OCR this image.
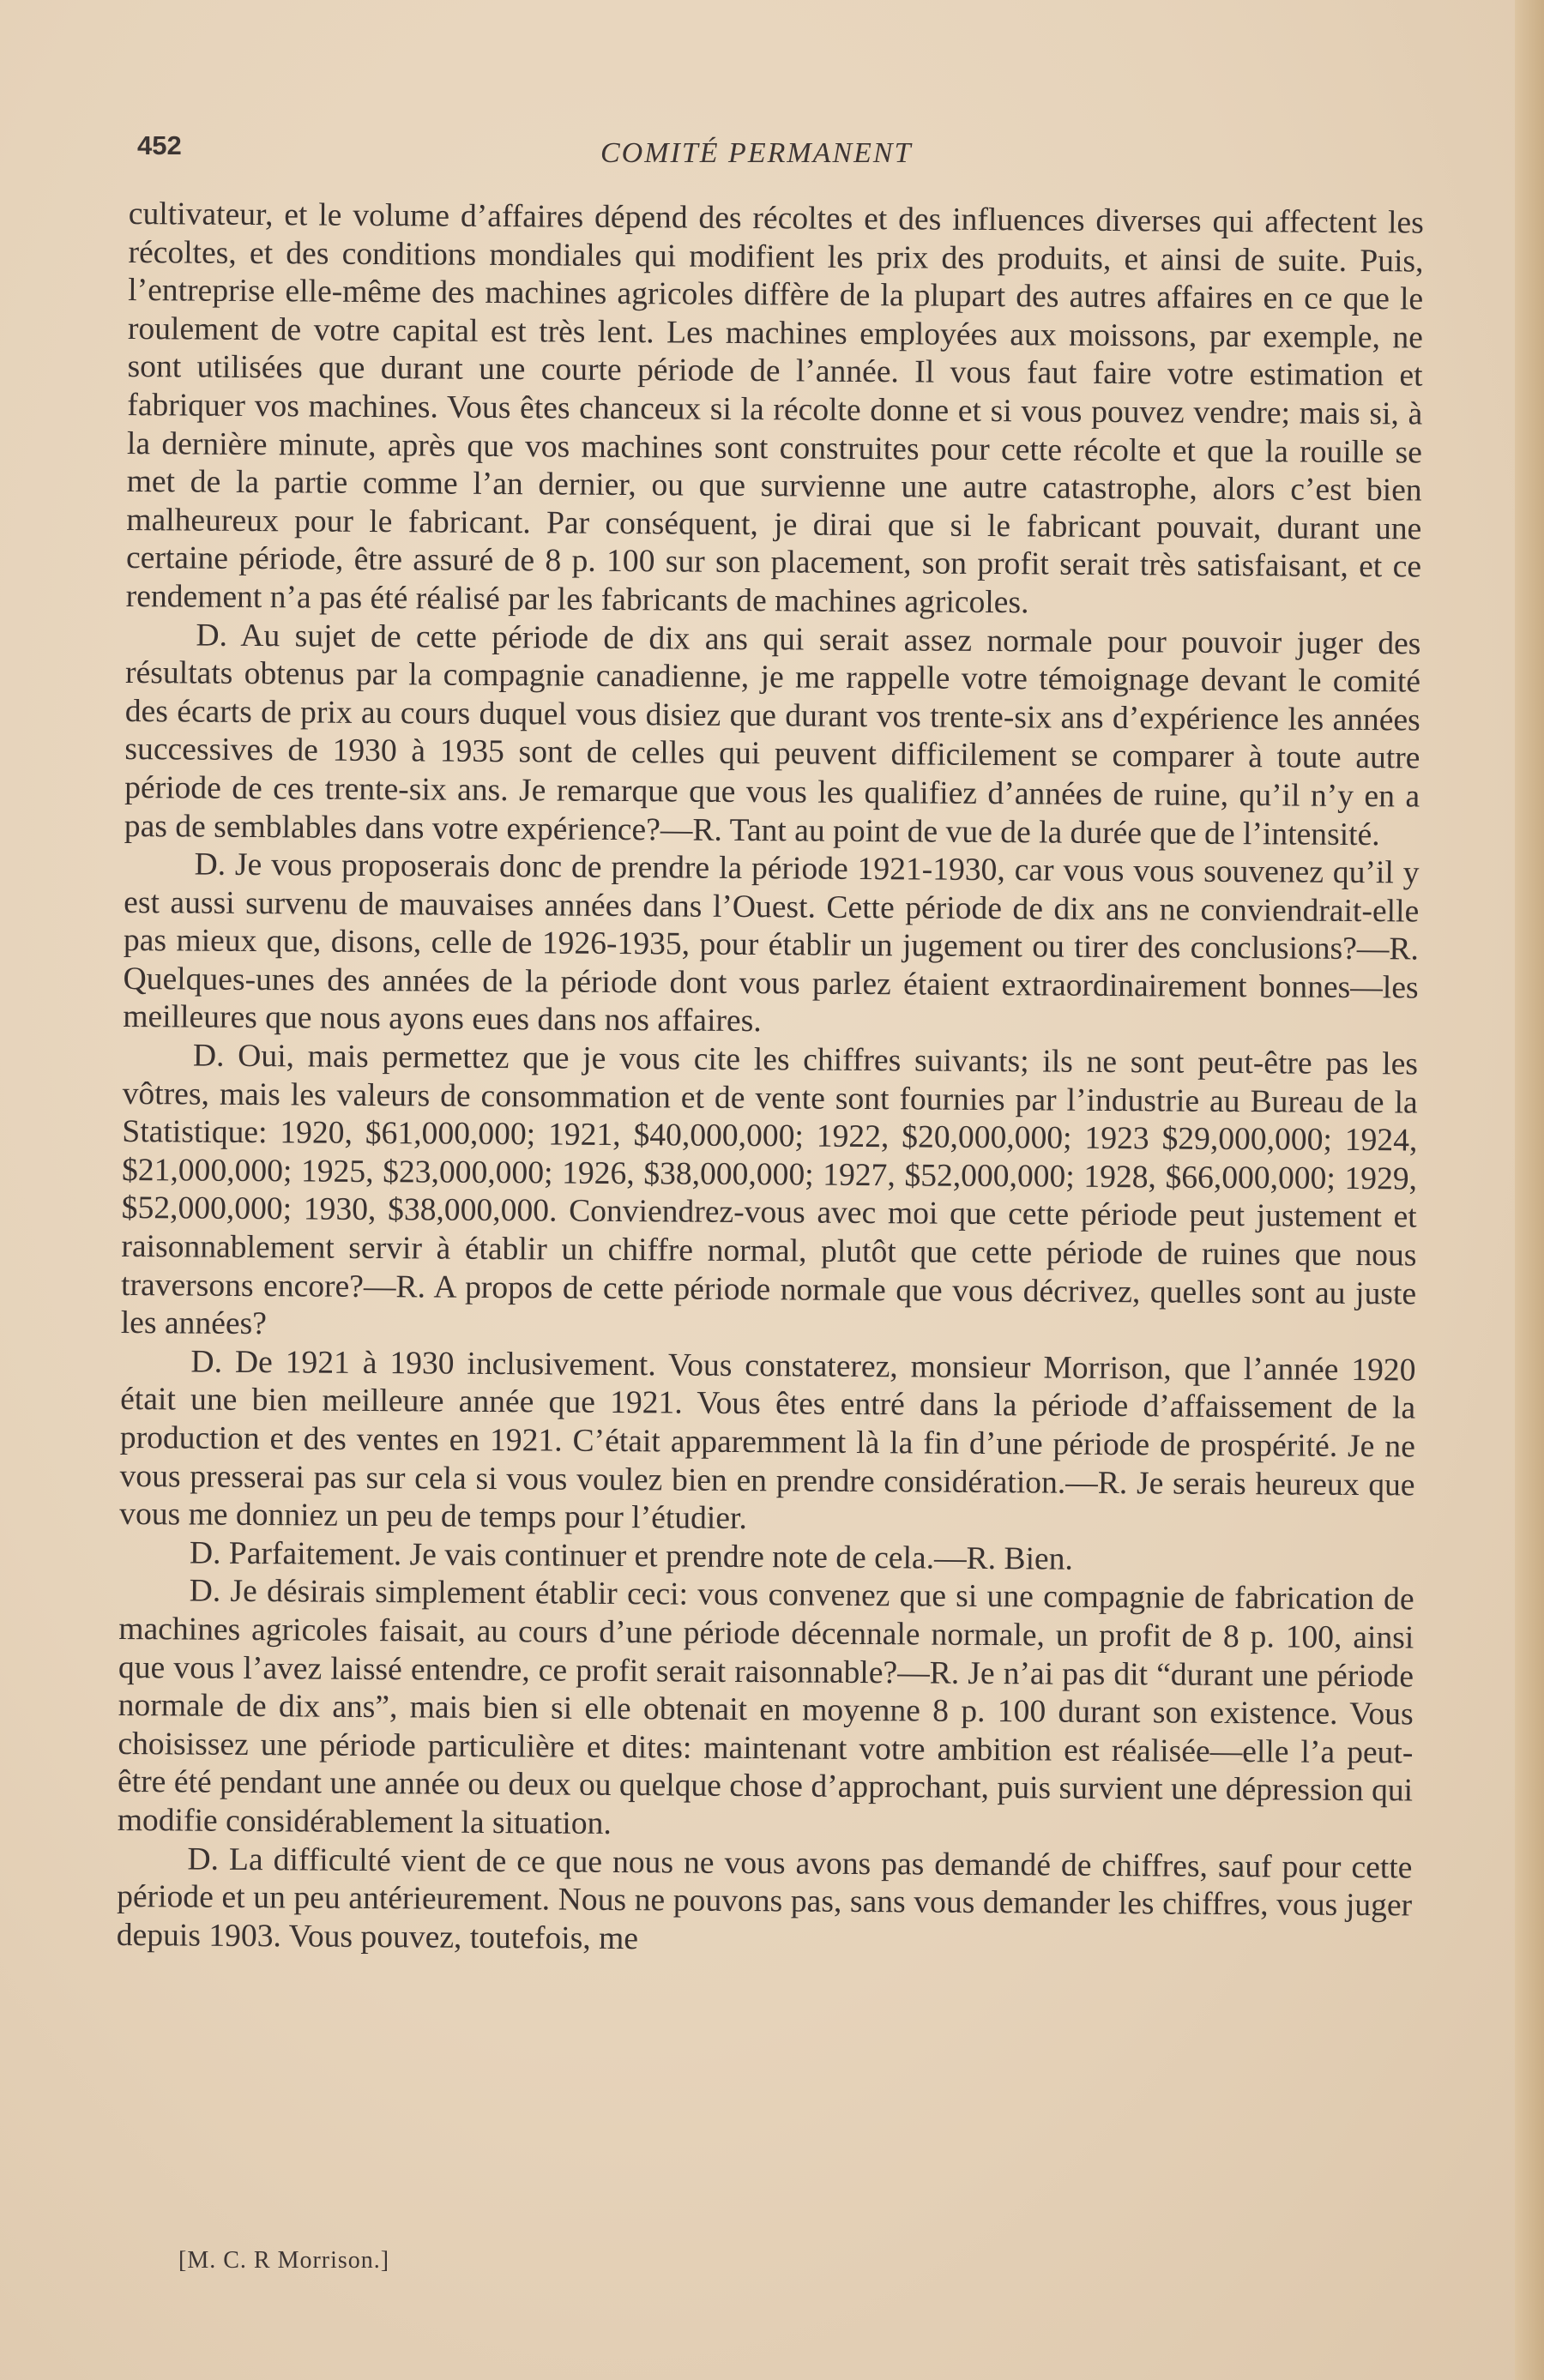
452	COMITÉ PERMANENT

cultivateur, et le volume d’affaires dépend des récoltes et des influences diverses qui affectent les récoltes, et des conditions mondiales qui modifient les prix des produits, et ainsi de suite. Puis, l’entreprise elle-même des machines agricoles diffère de la plupart des autres affaires en ce que le roulement de votre capital est très lent. Les machines employées aux moissons, par exemple, ne sont utilisées que durant une courte période de l’année. Il vous faut faire votre estimation et fabriquer vos machines. Vous êtes chanceux si la récolte donne et si vous pouvez vendre; mais si, à la dernière minute, après que vos machines sont construites pour cette récolte et que la rouille se met de la partie comme l’an dernier, ou que survienne une autre catastrophe, alors c’est bien malheureux pour le fabricant. Par conséquent, je dirai que si le fabricant pouvait, durant une certaine période, être assuré de 8 p. 100 sur son placement, son profit serait très satisfaisant, et ce rendement n’a pas été réalisé par les fabricants de machines agricoles.

D. Au sujet de cette période de dix ans qui serait assez normale pour pouvoir juger des résultats obtenus par la compagnie canadienne, je me rappelle votre témoignage devant le comité des écarts de prix au cours duquel vous disiez que durant vos trente-six ans d’expérience les années successives de 1930 à 1935 sont de celles qui peuvent difficilement se comparer à toute autre période de ces trente-six ans. Je remarque que vous les qualifiez d’années de ruine, qu’il n’y en a pas de semblables dans votre expérience?—R. Tant au point de vue de la durée que de l’intensité.

D. Je vous proposerais donc de prendre la période 1921-1930, car vous vous souvenez qu’il y est aussi survenu de mauvaises années dans l’Ouest. Cette période de dix ans ne conviendrait-elle pas mieux que, disons, celle de 1926-1935, pour établir un jugement ou tirer des conclusions?—R. Quelques-unes des années de la période dont vous parlez étaient extraordinairement bonnes—les meilleures que nous ayons eues dans nos affaires.

D. Oui, mais permettez que je vous cite les chiffres suivants; ils ne sont peut-être pas les vôtres, mais les valeurs de consommation et de vente sont fournies par l’industrie au Bureau de la Statistique: 1920, $61,000,000; 1921, $40,000,000; 1922, $20,000,000; 1923 $29,000,000; 1924, $21,000,000; 1925, $23,000,000; 1926, $38,000,000; 1927, $52,000,000; 1928, $66,000,000; 1929, $52,000,000; 1930, $38,000,000. Conviendrez-vous avec moi que cette période peut justement et raisonnablement servir à établir un chiffre normal, plutôt que cette période de ruines que nous traversons encore?—R. A propos de cette période normale que vous décrivez, quelles sont au juste les années?

D. De 1921 à 1930 inclusivement. Vous constaterez, monsieur Morrison, que l’année 1920 était une bien meilleure année que 1921. Vous êtes entré dans la période d’affaissement de la production et des ventes en 1921. C’était apparemment là la fin d’une période de prospérité. Je ne vous presserai pas sur cela si vous voulez bien en prendre considération.—R. Je serais heureux que vous me donniez un peu de temps pour l’étudier.

D. Parfaitement. Je vais continuer et prendre note de cela.—R. Bien.

D. Je désirais simplement établir ceci: vous convenez que si une compagnie de fabrication de machines agricoles faisait, au cours d’une période décennale normale, un profit de 8 p. 100, ainsi que vous l’avez laissé entendre, ce profit serait raisonnable?—R. Je n’ai pas dit “durant une période normale de dix ans”, mais bien si elle obtenait en moyenne 8 p. 100 durant son existence. Vous choisissez une période particulière et dites: maintenant votre ambition est réalisée—elle l’a peut-être été pendant une année ou deux ou quelque chose d’approchant, puis survient une dépression qui modifie considérablement la situation.

D. La difficulté vient de ce que nous ne vous avons pas demandé de chiffres, sauf pour cette période et un peu antérieurement. Nous ne pouvons pas, sans vous demander les chiffres, vous juger depuis 1903. Vous pouvez, toutefois, me

[M. C. R Morrison.]
